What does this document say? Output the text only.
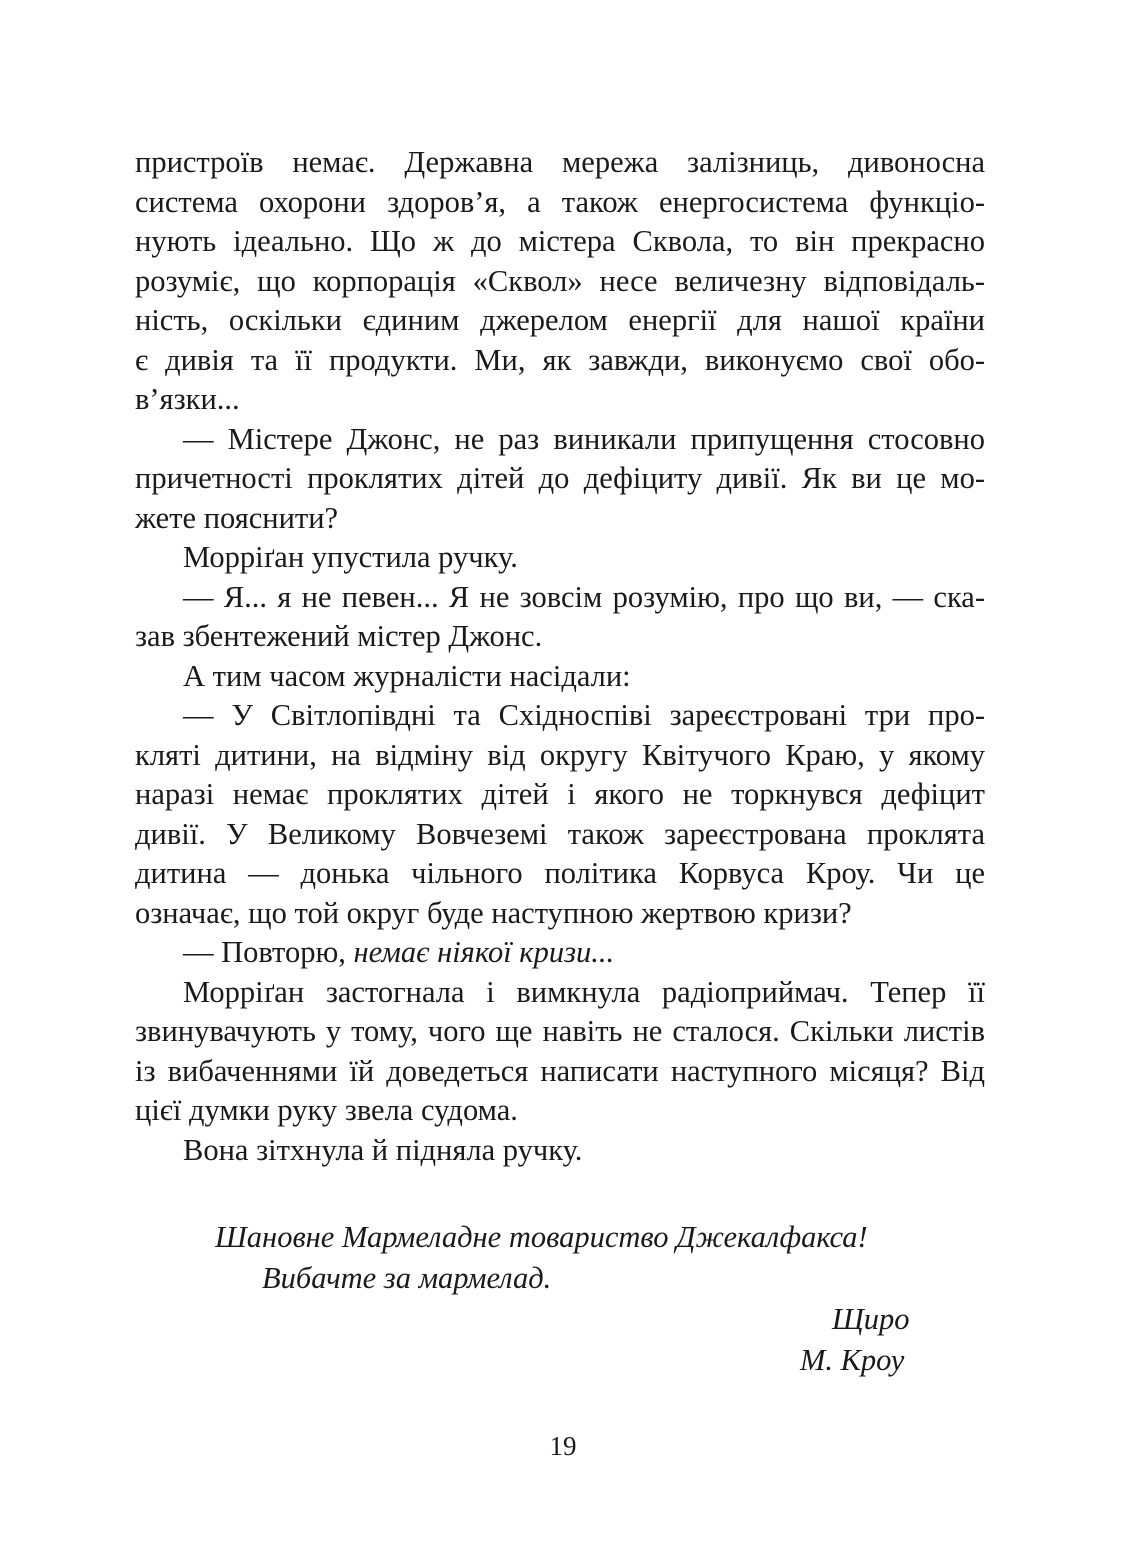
пристроїв немає. Державна мережа залізниць, дивоносна
система охорони здоров’я, а також енергосистема функціо-
нують ідеально. Що ж до містера Сквола, то він прекрасно
розуміє, що корпорація «Сквол» несе величезну відповідаль-
ність, оскільки єдиним джерелом енергії для нашої країни
є дивія та її продукти. Ми, як завжди, виконуємо свої обо-
в’язки...
— Містере Джонс, не раз виникали припущення стосовно
причетності проклятих дітей до дефіциту дивії. Як ви це мо-
жете пояснити?
Морріґан упустила ручку.
— Я... я не певен... Я не зовсім розумію, про що ви, — ска-
зав збентежений містер Джонс.
А тим часом журналісти насідали:
— У Світлопівдні та Східноспіві зареєстровані три про-
кляті дитини, на відміну від округу Квітучого Краю, у якому
наразі немає проклятих дітей і якого не торкнувся дефіцит
дивії. У Великому Вовчеземі також зареєстрована проклята
дитина — донька чільного політика Корвуса Кроу. Чи це
означає, що той округ буде наступною жертвою кризи?
— Повторю, немає ніякої кризи...
Морріґан застогнала і вимкнула радіоприймач. Тепер її
звинувачують у тому, чого ще навіть не сталося. Скільки листів
із вибаченнями їй доведеться написати наступного місяця? Від
цієї думки руку звела судома.
Вона зітхнула й підняла ручку.
Шановне Мармеладне товариство Джекалфакса!
Вибачте за мармелад.
Щиро
М. Кроу
19
